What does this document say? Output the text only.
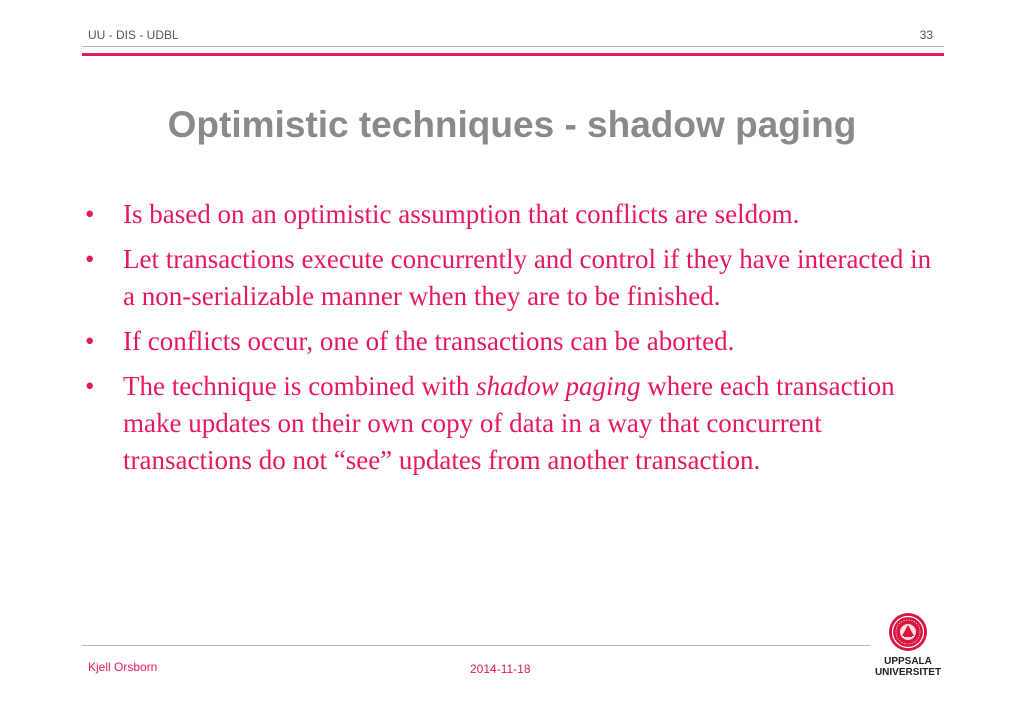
UU - DIS - UDBL	33
Optimistic techniques - shadow paging
• Is based on an optimistic assumption that conflicts are seldom.
• Let transactions execute concurrently and control if they have interacted in a non-serializable manner when they are to be finished.
• If conflicts occur, one of the transactions can be aborted.
• The technique is combined with shadow paging where each transaction make updates on their own copy of data in a way that concurrent transactions do not “see” updates from another transaction.
Kjell Orsborn	2014-11-18
UPPSALA
UNIVERSITET
